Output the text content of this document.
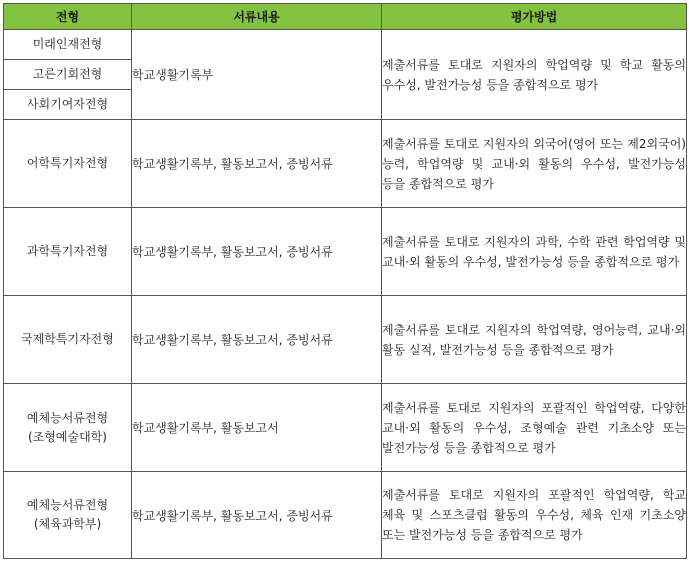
전형	서류내용	평가방법
미래인재전형	학교생활기록부	제출서류를 토대로 지원자의 학업역량 및 학교 활동의 우수성, 발전가능성 등을 종합적으로 평가
고른기회전형		
사회기여자전형		
어학특기자전형	학교생활기록부, 활동보고서, 증빙서류	제출서류를 토대로 지원자의 외국어(영어 또는 제2외국어) 능력, 학업역량 및 교내·외 활동의 우수성, 발전가능성 등을 종합적으로 평가
과학특기자전형	학교생활기록부, 활동보고서, 증빙서류	제출서류를 토대로 지원자의 과학, 수학 관련 학업역량 및 교내·외 활동의 우수성, 발전가능성 등을 종합적으로 평가
국제학특기자전형	학교생활기록부, 활동보고서, 증빙서류	제출서류를 토대로 지원자의 학업역량, 영어능력, 교내·외 활동 실적, 발전가능성 등을 종합적으로 평가

예체능서류전형
(조형예술대학)	학교생활기록부, 활동보고서	제출서류를 토대로 지원자의 포괄적인 학업역량, 다양한 교내·외 활동의 우수성, 조형예술 관련 기초소양 또는 발전가능성 등을 종합적으로 평가

예체능서류전형
(체육과학부)	학교생활기록부, 활동보고서, 증빙서류	제출서류를 토대로 지원자의 포괄적인 학업역량, 학교 체육 및 스포츠클럽 활동의 우수성, 체육 인재 기초소양 또는 발전가능성 등을 종합적으로 평가
